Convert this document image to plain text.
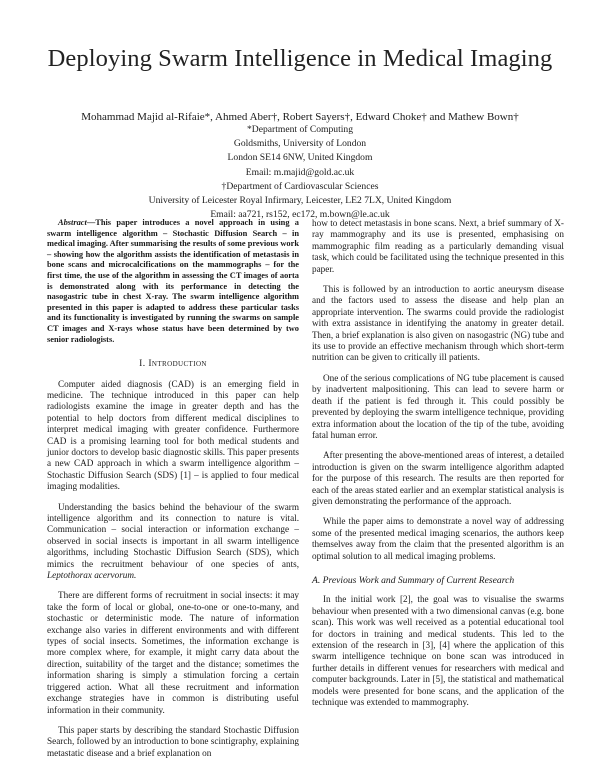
Deploying Swarm Intelligence in Medical Imaging
Mohammad Majid al-Rifaie*, Ahmed Aber†, Robert Sayers†, Edward Choke† and Mathew Bown†
*Department of Computing
Goldsmiths, University of London
London SE14 6NW, United Kingdom
Email: m.majid@gold.ac.uk
†Department of Cardiovascular Sciences
University of Leicester Royal Infirmary, Leicester, LE2 7LX, United Kingdom
Email: aa721, rs152, ec172, m.bown@le.ac.uk

Abstract—This paper introduces a novel approach in using a swarm intelligence algorithm – Stochastic Diffusion Search – in medical imaging. After summarising the results of some previous work – showing how the algorithm assists the identification of metastasis in bone scans and microcalcifications on the mammographs – for the first time, the use of the algorithm in assessing the CT images of aorta is demonstrated along with its performance in detecting the nasogastric tube in chest X-ray. The swarm intelligence algorithm presented in this paper is adapted to address these particular tasks and its functionality is investigated by running the swarms on sample CT images and X-rays whose status have been determined by two senior radiologists.

I. Introduction

Computer aided diagnosis (CAD) is an emerging field in medicine. The technique introduced in this paper can help radiologists examine the image in greater depth and has the potential to help doctors from different medical disciplines to interpret medical imaging with greater confidence. Furthermore CAD is a promising learning tool for both medical students and junior doctors to develop basic diagnostic skills. This paper presents a new CAD approach in which a swarm intelligence algorithm – Stochastic Diffusion Search (SDS) [1] – is applied to four medical imaging modalities.

Understanding the basics behind the behaviour of the swarm intelligence algorithm and its connection to nature is vital. Communication – social interaction or information exchange – observed in social insects is important in all swarm intelligence algorithms, including Stochastic Diffusion Search (SDS), which mimics the recruitment behaviour of one species of ants, Leptothorax acervorum.

There are different forms of recruitment in social insects: it may take the form of local or global, one-to-one or one-to-many, and stochastic or deterministic mode. The nature of information exchange also varies in different environments and with different types of social insects. Sometimes, the information exchange is more complex where, for example, it might carry data about the direction, suitability of the target and the distance; sometimes the information sharing is simply a stimulation forcing a certain triggered action. What all these recruitment and information exchange strategies have in common is distributing useful information in their community.

This paper starts by describing the standard Stochastic Diffusion Search, followed by an introduction to bone scintigraphy, explaining metastatic disease and a brief explanation on

how to detect metastasis in bone scans. Next, a brief summary of X-ray mammography and its use is presented, emphasising on mammographic film reading as a particularly demanding visual task, which could be facilitated using the technique presented in this paper.

This is followed by an introduction to aortic aneurysm disease and the factors used to assess the disease and help plan an appropriate intervention. The swarms could provide the radiologist with extra assistance in identifying the anatomy in greater detail. Then, a brief explanation is also given on nasogastric (NG) tube and its use to provide an effective mechanism through which short-term nutrition can be given to critically ill patients.

One of the serious complications of NG tube placement is caused by inadvertent malpositioning. This can lead to severe harm or death if the patient is fed through it. This could possibly be prevented by deploying the swarm intelligence technique, providing extra information about the location of the tip of the tube, avoiding fatal human error.

After presenting the above-mentioned areas of interest, a detailed introduction is given on the swarm intelligence algorithm adapted for the purpose of this research. The results are then reported for each of the areas stated earlier and an exemplar statistical analysis is given demonstrating the performance of the approach.

While the paper aims to demonstrate a novel way of addressing some of the presented medical imaging scenarios, the authors keep themselves away from the claim that the presented algorithm is an optimal solution to all medical imaging problems.

A. Previous Work and Summary of Current Research

In the initial work [2], the goal was to visualise the swarms behaviour when presented with a two dimensional canvas (e.g. bone scan). This work was well received as a potential educational tool for doctors in training and medical students. This led to the extension of the research in [3], [4] where the application of this swarm intelligence technique on bone scan was introduced in further details in different venues for researchers with medical and computer backgrounds. Later in [5], the statistical and mathematical models were presented for bone scans, and the application of the technique was extended to mammography.
